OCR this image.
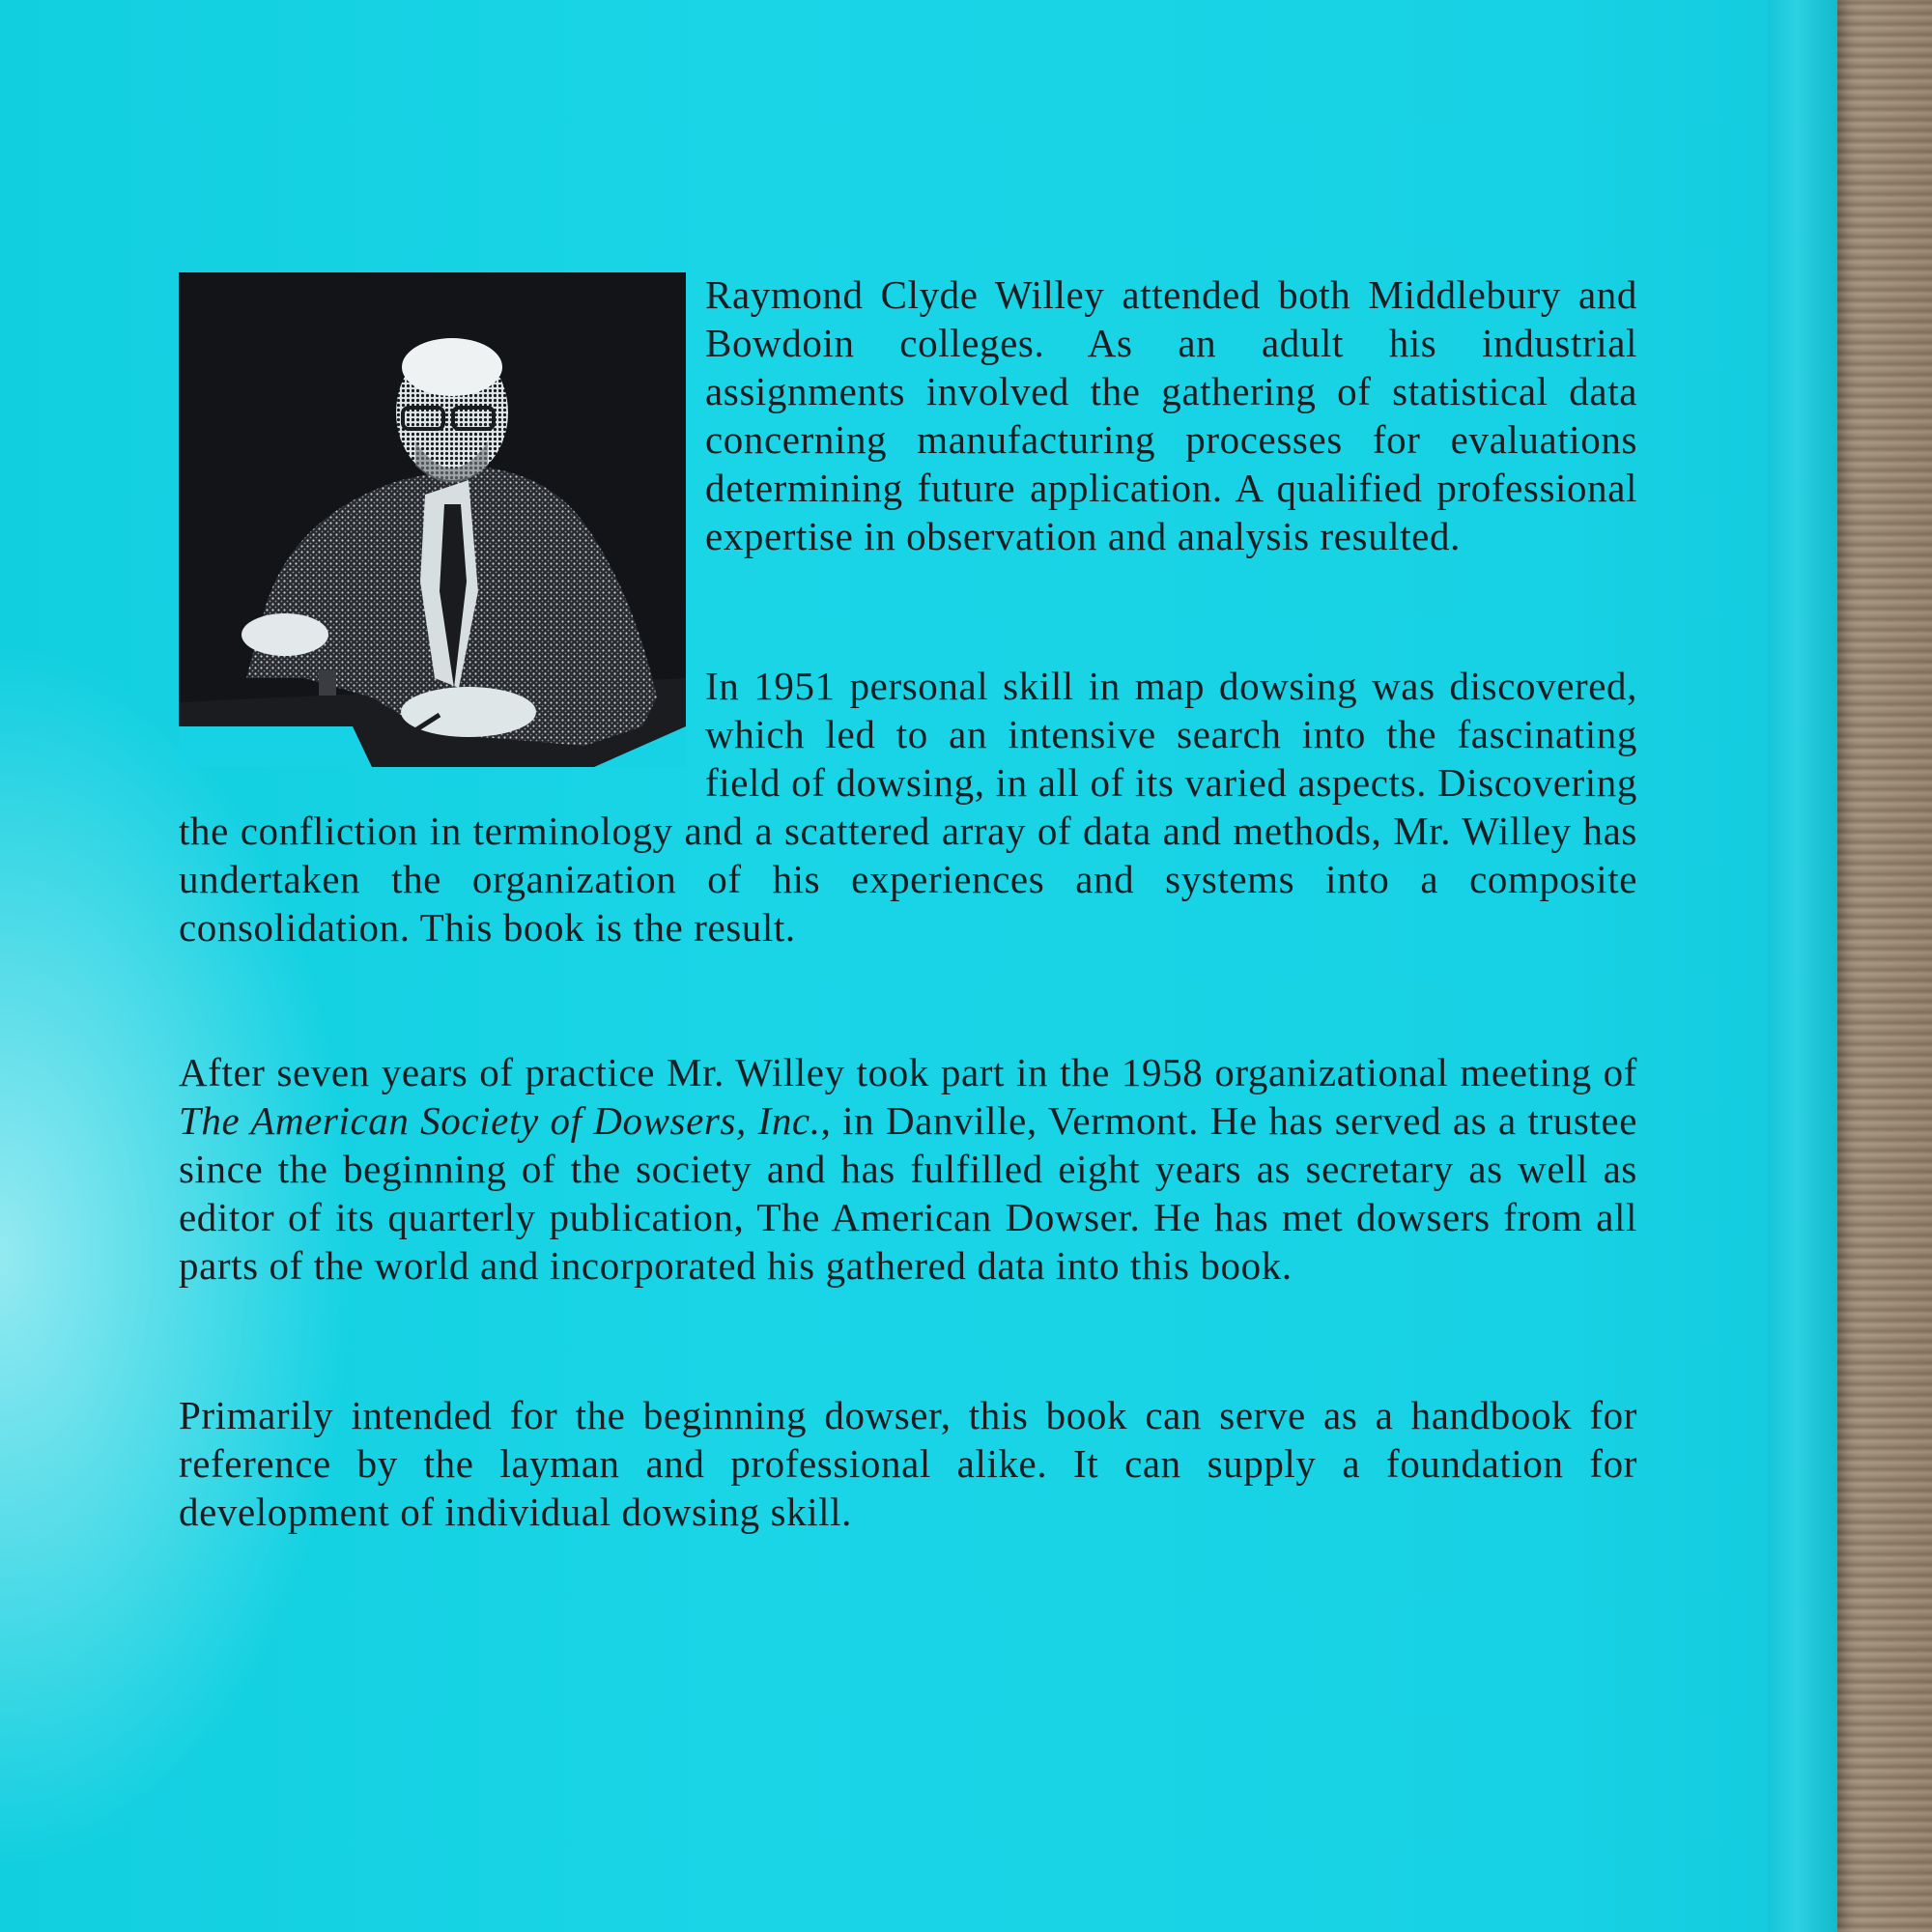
Raymond Clyde Willey attended both Middlebury and Bowdoin colleges. As an adult his industrial assignments involved the gathering of statistical data concerning manufacturing processes for evaluations determining future application. A qualified professional expertise in observation and analysis resulted.
In 1951 personal skill in map dowsing was discovered, which led to an intensive search into the fascinating field of dowsing, in all of its varied aspects. Discovering the confliction in terminology and a scattered array of data and methods, Mr. Willey has undertaken the organization of his experiences and systems into a composite consolidation. This book is the result.
After seven years of practice Mr. Willey took part in the 1958 organizational meeting of The American Society of Dowsers, Inc., in Danville, Vermont. He has served as a trustee since the beginning of the society and has fulfilled eight years as secretary as well as editor of its quarterly publication, The American Dowser. He has met dowsers from all parts of the world and incorporated his gathered data into this book.
Primarily intended for the beginning dowser, this book can serve as a handbook for reference by the layman and professional alike. It can supply a foundation for development of individual dowsing skill.
